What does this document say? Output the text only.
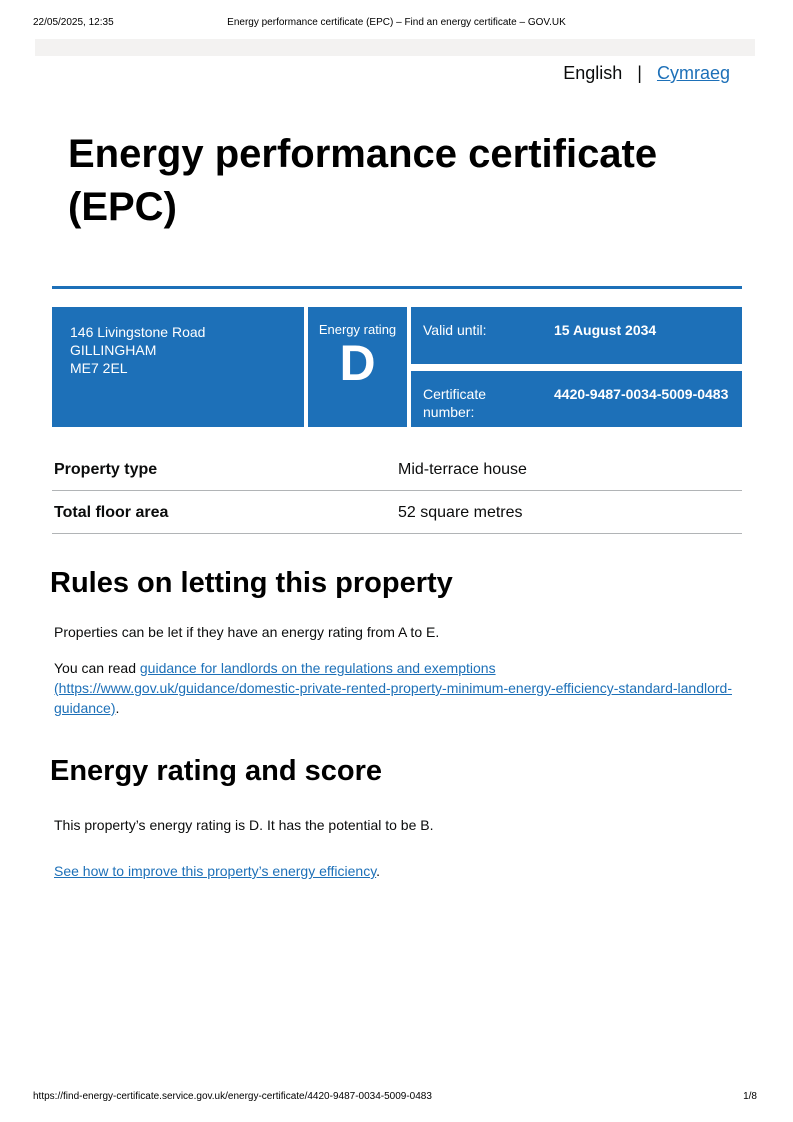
22/05/2025, 12:35	Energy performance certificate (EPC) – Find an energy certificate – GOV.UK
English | Cymraeg
Energy performance certificate (EPC)
146 Livingstone Road
GILLINGHAM
ME7 2EL
Energy rating
D
Valid until:	15 August 2034
Certificate number:
4420-9487-0034-5009-0483
Property type	Mid-terrace house
Total floor area	52 square metres
Rules on letting this property

Properties can be let if they have an energy rating from A to E.

You can read guidance for landlords on the regulations and exemptions (https://www.gov.uk/guidance/domestic-private-rented-property-minimum-energy-efficiency-standard-landlord-guidance).

Energy rating and score

This property’s energy rating is D. It has the potential to be B.

See how to improve this property’s energy efficiency.

https://find-energy-certificate.service.gov.uk/energy-certificate/4420-9487-0034-5009-0483	1/8
